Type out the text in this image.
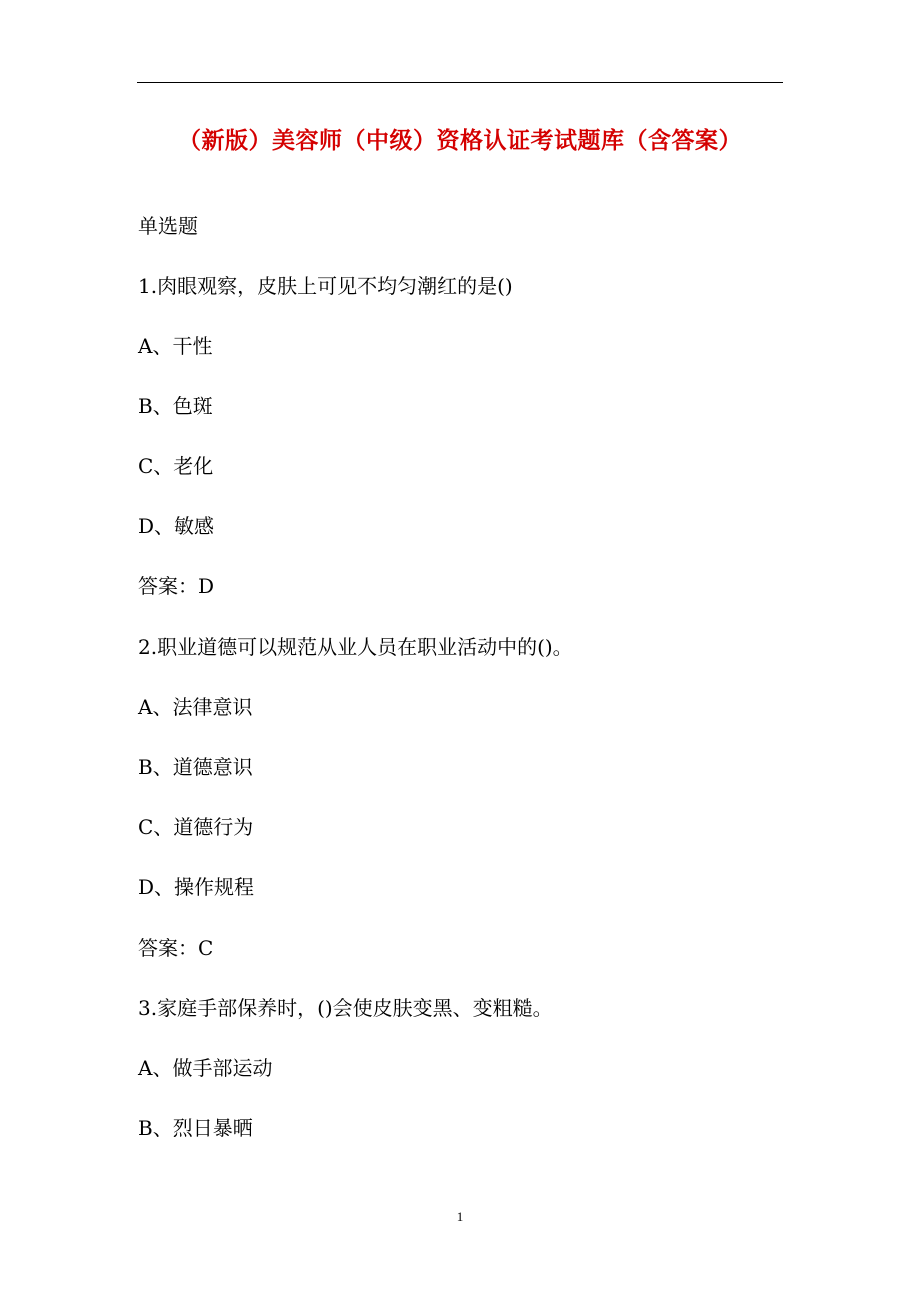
（新版）美容师（中级）资格认证考试题库（含答案）
单选题
1.肉眼观察，皮肤上可见不均匀潮红的是()
A、干性
B、色斑
C、老化
D、敏感
答案：D
2.职业道德可以规范从业人员在职业活动中的()。
A、法律意识
B、道德意识
C、道德行为
D、操作规程
答案：C
3.家庭手部保养时，()会使皮肤变黑、变粗糙。
A、做手部运动
B、烈日暴晒
1
